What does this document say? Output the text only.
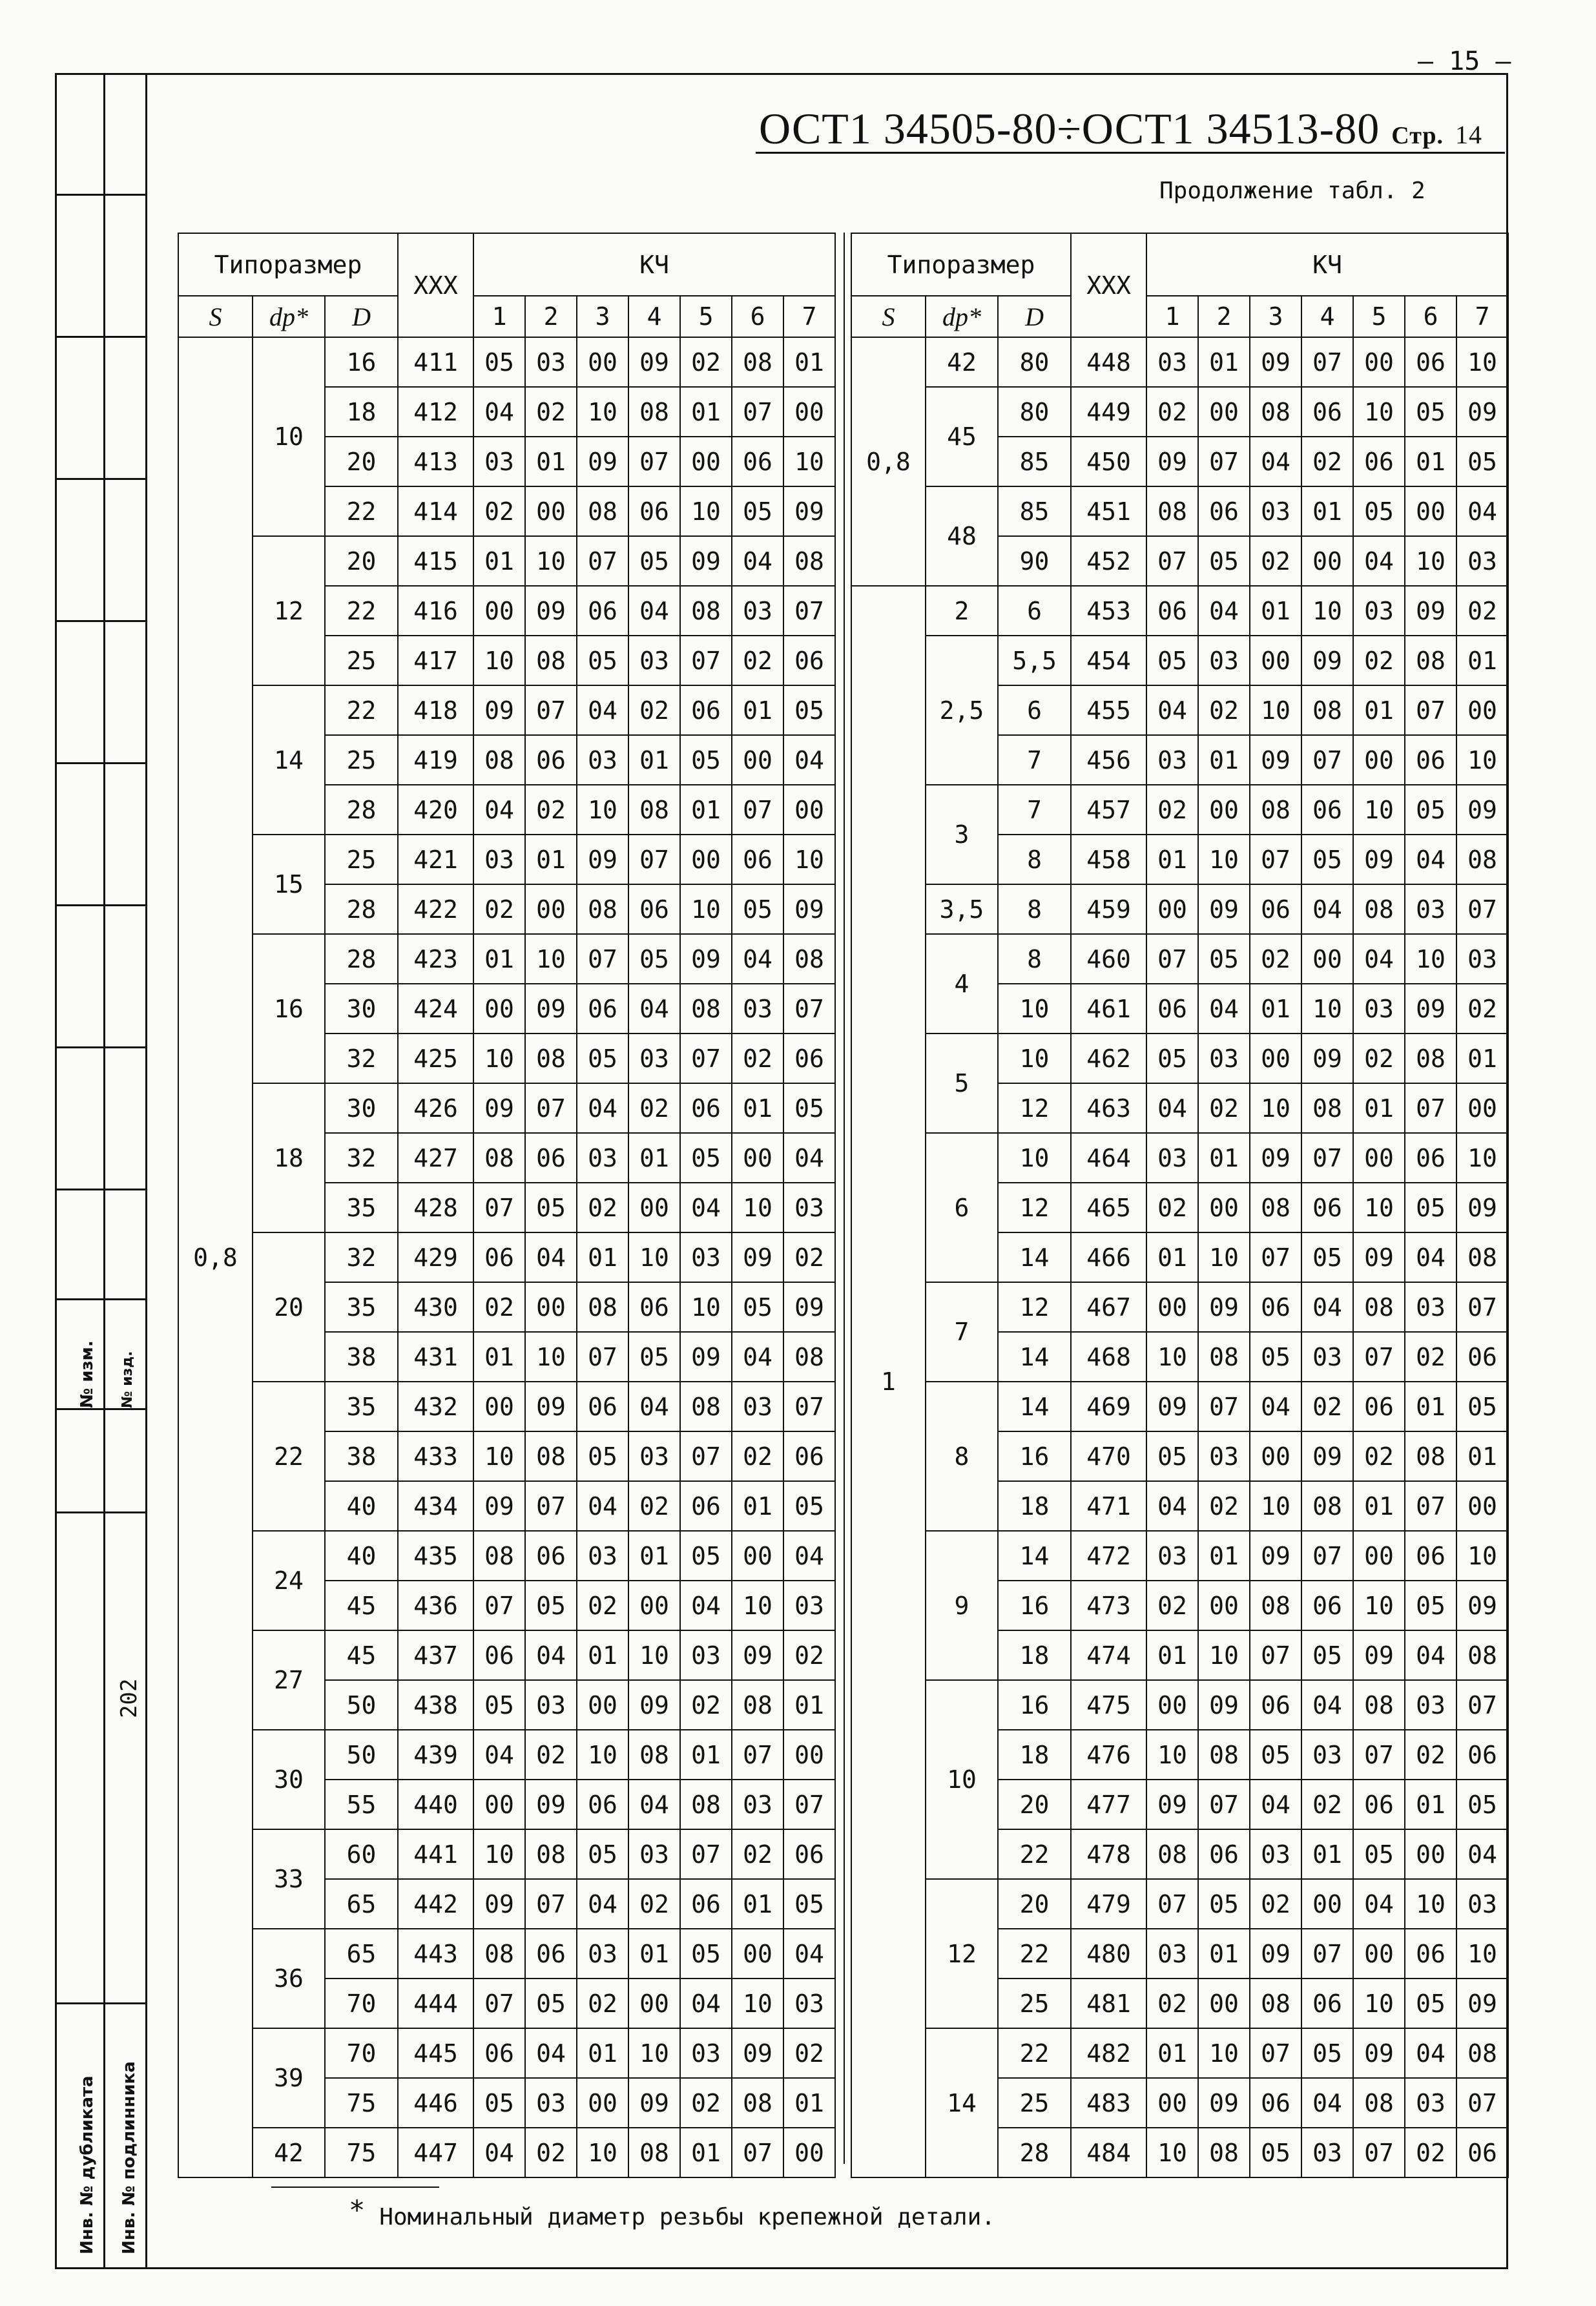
– 15 –
№ изм. № изд.
202
Инв. № дубликата Инв. № подлинника
ОСТ1 34505-80÷ОСТ1 34513-80 Стр. 14
Продолжение табл. 2
Типоразмер			ХХХ	КЧ						
S	dp*	D		1	2	3	4	5	6	7
0,8	10	16	411	05	03	00	09	02	08	01
		18	412	04	02	10	08	01	07	00
		20	413	03	01	09	07	00	06	10
		22	414	02	00	08	06	10	05	09
	12	20	415	01	10	07	05	09	04	08
		22	416	00	09	06	04	08	03	07
		25	417	10	08	05	03	07	02	06
	14	22	418	09	07	04	02	06	01	05
		25	419	08	06	03	01	05	00	04
		28	420	04	02	10	08	01	07	00
	15	25	421	03	01	09	07	00	06	10
		28	422	02	00	08	06	10	05	09
	16	28	423	01	10	07	05	09	04	08
		30	424	00	09	06	04	08	03	07
		32	425	10	08	05	03	07	02	06
	18	30	426	09	07	04	02	06	01	05
		32	427	08	06	03	01	05	00	04
		35	428	07	05	02	00	04	10	03
	20	32	429	06	04	01	10	03	09	02
		35	430	02	00	08	06	10	05	09
		38	431	01	10	07	05	09	04	08
	22	35	432	00	09	06	04	08	03	07
		38	433	10	08	05	03	07	02	06
		40	434	09	07	04	02	06	01	05
	24	40	435	08	06	03	01	05	00	04
		45	436	07	05	02	00	04	10	03
	27	45	437	06	04	01	10	03	09	02
		50	438	05	03	00	09	02	08	01
	30	50	439	04	02	10	08	01	07	00
		55	440	00	09	06	04	08	03	07
	33	60	441	10	08	05	03	07	02	06
		65	442	09	07	04	02	06	01	05
	36	65	443	08	06	03	01	05	00	04
		70	444	07	05	02	00	04	10	03
	39	70	445	06	04	01	10	03	09	02
		75	446	05	03	00	09	02	08	01
	42	75	447	04	02	10	08	01	07	00
Типоразмер			ХХХ	КЧ						
S	dp*	D		1	2	3	4	5	6	7
0,8	42	80	448	03	01	09	07	00	06	10
	45	80	449	02	00	08	06	10	05	09
		85	450	09	07	04	02	06	01	05
	48	85	451	08	06	03	01	05	00	04
		90	452	07	05	02	00	04	10	03
1	2	6	453	06	04	01	10	03	09	02
	2,5	5,5	454	05	03	00	09	02	08	01
		6	455	04	02	10	08	01	07	00
		7	456	03	01	09	07	00	06	10
	3	7	457	02	00	08	06	10	05	09
		8	458	01	10	07	05	09	04	08
	3,5	8	459	00	09	06	04	08	03	07
	4	8	460	07	05	02	00	04	10	03
		10	461	06	04	01	10	03	09	02
	5	10	462	05	03	00	09	02	08	01
		12	463	04	02	10	08	01	07	00
	6	10	464	03	01	09	07	00	06	10
		12	465	02	00	08	06	10	05	09
		14	466	01	10	07	05	09	04	08
	7	12	467	00	09	06	04	08	03	07
		14	468	10	08	05	03	07	02	06
	8	14	469	09	07	04	02	06	01	05
		16	470	05	03	00	09	02	08	01
		18	471	04	02	10	08	01	07	00
	9	14	472	03	01	09	07	00	06	10
		16	473	02	00	08	06	10	05	09
		18	474	01	10	07	05	09	04	08
	10	16	475	00	09	06	04	08	03	07
		18	476	10	08	05	03	07	02	06
		20	477	09	07	04	02	06	01	05
		22	478	08	06	03	01	05	00	04
	12	20	479	07	05	02	00	04	10	03
		22	480	03	01	09	07	00	06	10
		25	481	02	00	08	06	10	05	09
	14	22	482	01	10	07	05	09	04	08
		25	483	00	09	06	04	08	03	07
		28	484	10	08	05	03	07	02	06
* Номинальный диаметр резьбы крепежной детали.
